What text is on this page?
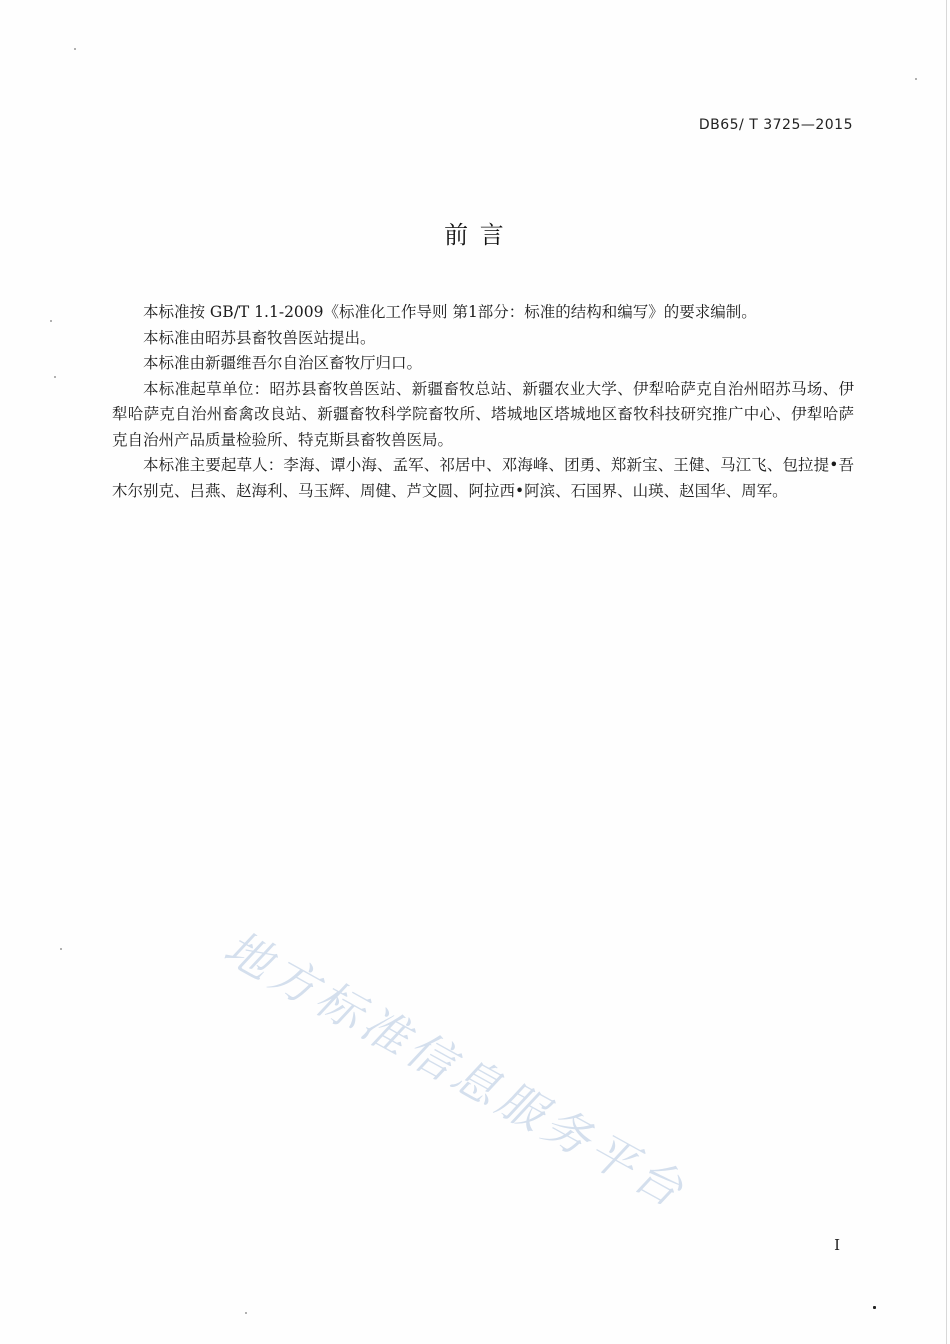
DB65/ T 3725—2015
前 言

本标准按 GB/T 1.1-2009《标准化工作导则 第1部分：标准的结构和编写》的要求编制。

本标准由昭苏县畜牧兽医站提出。

本标准由新疆维吾尔自治区畜牧厅归口。

本标准起草单位：昭苏县畜牧兽医站、新疆畜牧总站、新疆农业大学、伊犁哈萨克自治州昭苏马场、伊犁哈萨克自治州畜禽改良站、新疆畜牧科学院畜牧所、塔城地区塔城地区畜牧科技研究推广中心、伊犁哈萨克自治州产品质量检验所、特克斯县畜牧兽医局。

本标准主要起草人：李海、谭小海、孟军、祁居中、邓海峰、团勇、郑新宝、王健、马江飞、包拉提•吾木尔别克、吕燕、赵海利、马玉辉、周健、芦文圆、阿拉西•阿滨、石国界、山瑛、赵国华、周军。

地方标准信息服务平台
I
